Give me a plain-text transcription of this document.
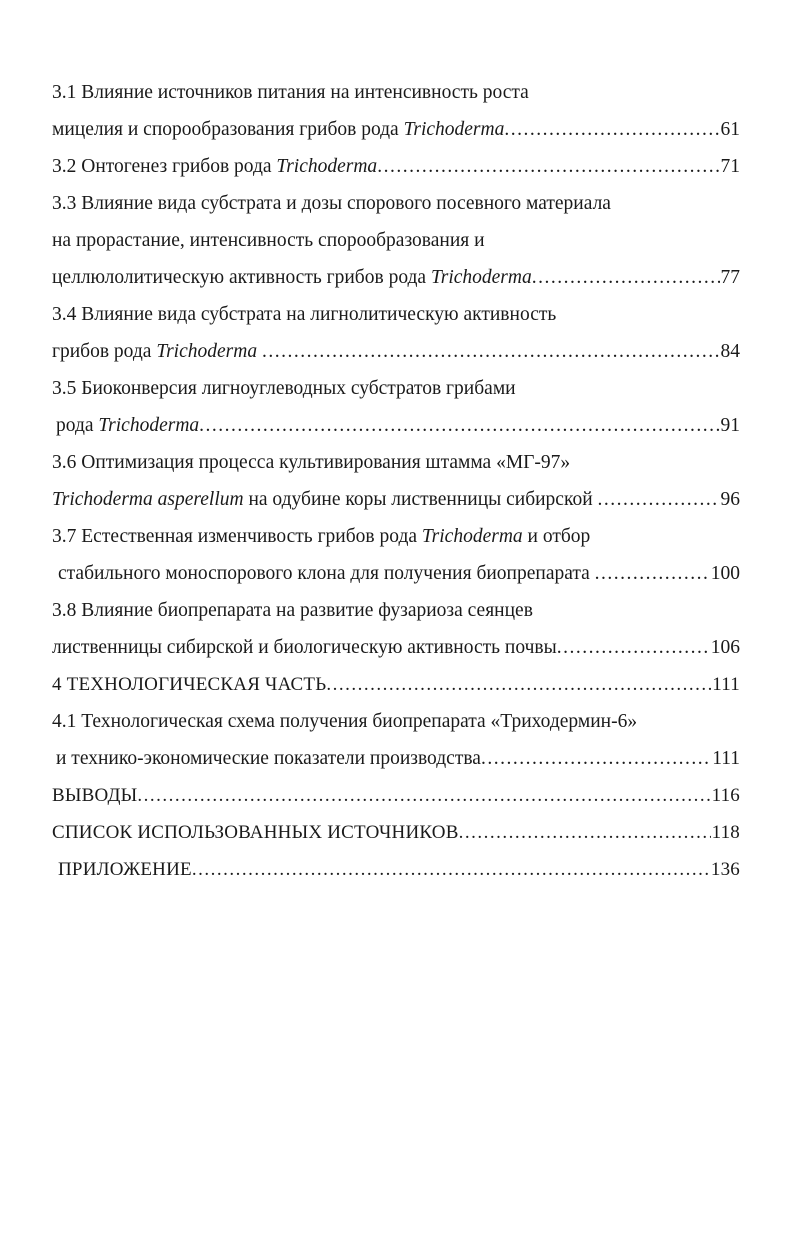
3.1 Влияние источников питания на интенсивность роста
мицелия и спорообразования грибов рода Trichoderma .....	61
3.2 Онтогенез грибов рода Trichoderma .....	71
3.3 Влияние вида субстрата и дозы спорового посевного материала
на прорастание, интенсивность спорообразования и
целлюлолитическую активность грибов рода Trichoderma .....	77
3.4 Влияние вида субстрата на лигнолитическую активность
грибов рода Trichoderma
.....	84
3.5 Биоконверсия лигноуглеводных субстратов грибами
рода Trichoderma .....	91
3.6 Оптимизация процесса культивирования штамма «МГ-97»
Trichoderma asperellum на одубине коры лиственницы сибирской .....	96
3.7 Естественная изменчивость грибов рода Trichoderma и отбор
стабильного моноспорового клона для получения биопрепарата .....	100
3.8 Влияние биопрепарата на развитие фузариоза сеянцев
лиственницы сибирской и биологическую активность почвы .....	106
4 ТЕХНОЛОГИЧЕСКАЯ ЧАСТЬ .....	111
4.1 Технологическая схема получения биопрепарата «Триходермин-6»
и технико-экономические показатели производства .....	111
ВЫВОДЫ .....	116
СПИСОК ИСПОЛЬЗОВАННЫХ ИСТОЧНИКОВ .....	118
ПРИЛОЖЕНИЕ .....	136
